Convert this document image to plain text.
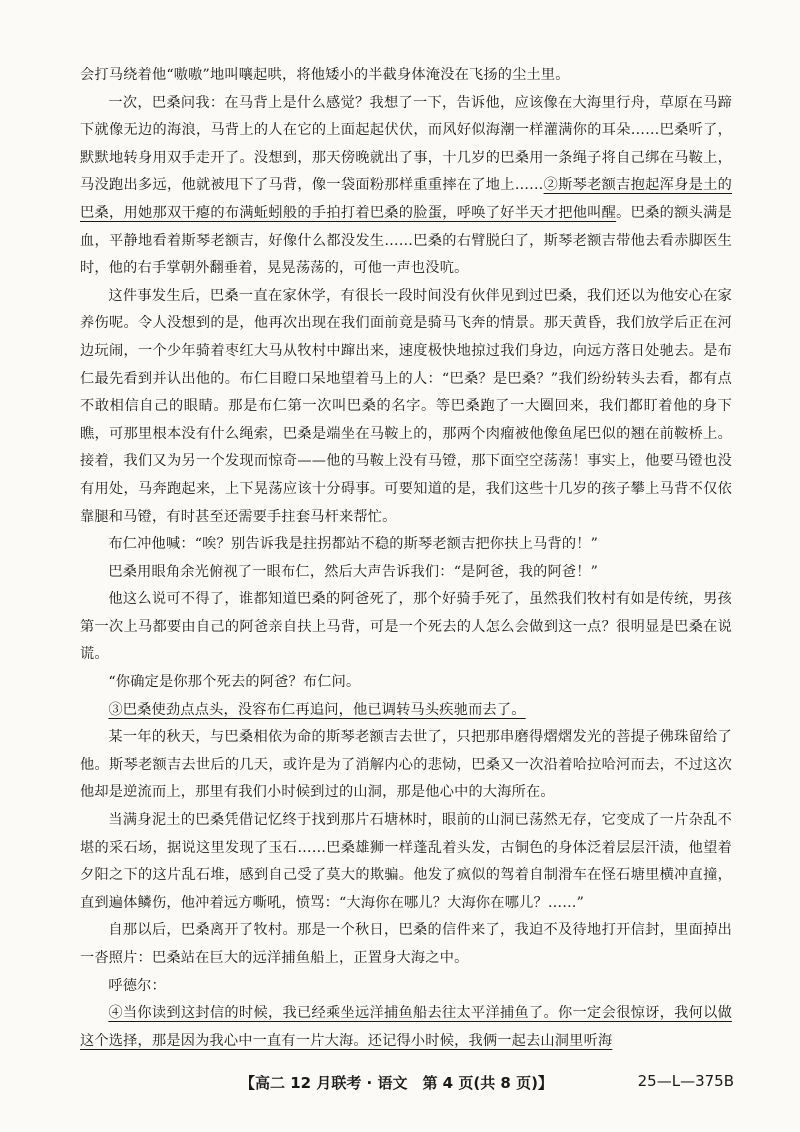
会打马绕着他“嗷嗷”地叫嚷起哄，将他矮小的半截身体淹没在飞扬的尘土里。

一次，巴桑问我：在马背上是什么感觉？我想了一下，告诉他，应该像在大海里行舟，草原在马蹄下就像无边的海浪，马背上的人在它的上面起起伏伏，而风好似海潮一样灌满你的耳朵……巴桑听了，默默地转身用双手走开了。没想到，那天傍晚就出了事，十几岁的巴桑用一条绳子将自己绑在马鞍上，马没跑出多远，他就被甩下了马背，像一袋面粉那样重重摔在了地上……②斯琴老额吉抱起浑身是土的巴桑，用她那双干瘪的布满蚯蚓般的手拍打着巴桑的脸蛋，呼唤了好半天才把他叫醒。巴桑的额头满是血，平静地看着斯琴老额吉，好像什么都没发生……巴桑的右臂脱臼了，斯琴老额吉带他去看赤脚医生时，他的右手掌朝外翻垂着，晃晃荡荡的，可他一声也没吭。

这件事发生后，巴桑一直在家休学，有很长一段时间没有伙伴见到过巴桑，我们还以为他安心在家养伤呢。令人没想到的是，他再次出现在我们面前竟是骑马飞奔的情景。那天黄昏，我们放学后正在河边玩闹，一个少年骑着枣红大马从牧村中蹿出来，速度极快地掠过我们身边，向远方落日处驰去。是布仁最先看到并认出他的。布仁目瞪口呆地望着马上的人：“巴桑？是巴桑？”我们纷纷转头去看，都有点不敢相信自己的眼睛。那是布仁第一次叫巴桑的名字。等巴桑跑了一大圈回来，我们都盯着他的身下瞧，可那里根本没有什么绳索，巴桑是端坐在马鞍上的，那两个肉瘤被他像鱼尾巴似的翘在前鞍桥上。接着，我们又为另一个发现而惊奇——他的马鞍上没有马镫，那下面空空荡荡！事实上，他要马镫也没有用处，马奔跑起来，上下晃荡应该十分碍事。可要知道的是，我们这些十几岁的孩子攀上马背不仅依靠腿和马镫，有时甚至还需要手拄套马杆来帮忙。

布仁冲他喊：“唉？别告诉我是拄拐都站不稳的斯琴老额吉把你扶上马背的！”

巴桑用眼角余光俯视了一眼布仁，然后大声告诉我们：“是阿爸，我的阿爸！”

他这么说可不得了，谁都知道巴桑的阿爸死了，那个好骑手死了，虽然我们牧村有如是传统，男孩第一次上马都要由自己的阿爸亲自扶上马背，可是一个死去的人怎么会做到这一点？很明显是巴桑在说谎。

“你确定是你那个死去的阿爸？布仁问。

③巴桑使劲点点头，没容布仁再追问，他已调转马头疾驰而去了。

某一年的秋天，与巴桑相依为命的斯琴老额吉去世了，只把那串磨得熠熠发光的菩提子佛珠留给了他。斯琴老额吉去世后的几天，或许是为了消解内心的悲恸，巴桑又一次沿着哈拉哈河而去，不过这次他却是逆流而上，那里有我们小时候到过的山洞，那是他心中的大海所在。

当满身泥土的巴桑凭借记忆终于找到那片石塘林时，眼前的山洞已荡然无存，它变成了一片杂乱不堪的采石场，据说这里发现了玉石……巴桑雄狮一样蓬乱着头发，古铜色的身体泛着层层汗渍，他望着夕阳之下的这片乱石堆，感到自己受了莫大的欺骗。他发了疯似的驾着自制滑车在怪石塘里横冲直撞，直到遍体鳞伤，他冲着远方嘶吼，愤骂：“大海你在哪儿？大海你在哪儿？……”

自那以后，巴桑离开了牧村。那是一个秋日，巴桑的信件来了，我迫不及待地打开信封，里面掉出一沓照片：巴桑站在巨大的远洋捕鱼船上，正置身大海之中。

呼德尔：

④当你读到这封信的时候，我已经乘坐远洋捕鱼船去往太平洋捕鱼了。你一定会很惊讶，我何以做这个选择，那是因为我心中一直有一片大海。还记得小时候，我俩一起去山洞里听海

【高二 12 月联考 · 语文　第 4 页(共 8 页)】	25—L—375B
